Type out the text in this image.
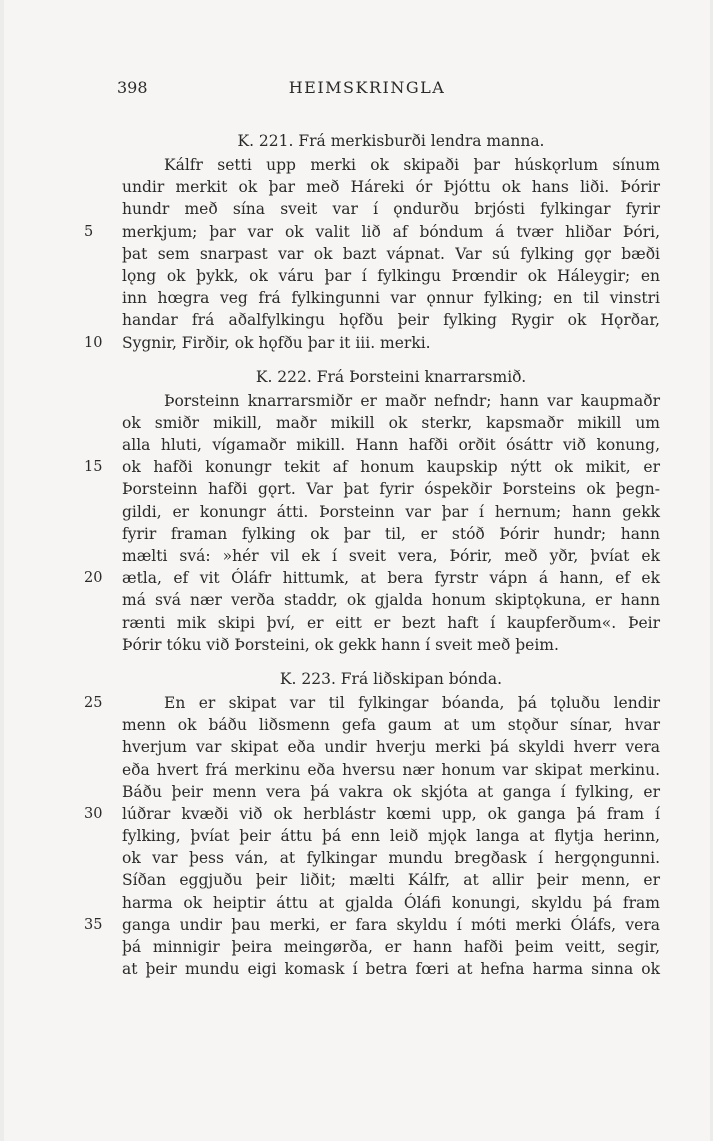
398	HEIMSKRINGLA
K. 221. Frá merkisburði lendra manna.
Kálfr setti upp merki ok skipaði þar húskǫrlum sínum
undir merkit ok þar með Háreki ór Þjóttu ok hans liði. Þórir
hundr með sína sveit var í ǫndurðu brjósti fylkingar fyrir
5	merkjum; þar var ok valit lið af bóndum á tvær hliðar Þóri,
þat sem snarpast var ok bazt vápnat. Var sú fylking gǫr bæði
lǫng ok þykk, ok váru þar í fylkingu Þrœndir ok Háleygir; en
inn hœgra veg frá fylkingunni var ǫnnur fylking; en til vinstri
handar frá aðalfylkingu hǫfðu þeir fylking Rygir ok Hǫrðar,
10	Sygnir, Firðir, ok hǫfðu þar it iii. merki.
K. 222. Frá Þorsteini knarrarsmið.
Þorsteinn knarrarsmiðr er maðr nefndr; hann var kaupmaðr
ok smiðr mikill, maðr mikill ok sterkr, kapsmaðr mikill um
alla hluti, vígamaðr mikill. Hann hafði orðit ósáttr við konung,
15	ok hafði konungr tekit af honum kaupskip nýtt ok mikit, er
Þorsteinn hafði gǫrt. Var þat fyrir óspekðir Þorsteins ok þegn-
gildi, er konungr átti. Þorsteinn var þar í hernum; hann gekk
fyrir framan fylking ok þar til, er stóð Þórir hundr; hann
mælti svá: »hér vil ek í sveit vera, Þórir, með yðr, þvíat ek
20	ætla, ef vit Óláfr hittumk, at bera fyrstr vápn á hann, ef ek
má svá nær verða staddr, ok gjalda honum skiptǫkuna, er hann
rænti mik skipi því, er eitt er bezt haft í kaupferðum«. Þeir
Þórir tóku við Þorsteini, ok gekk hann í sveit með þeim.
K. 223. Frá liðskipan bónda.
25	En er skipat var til fylkingar bóanda, þá tǫluðu lendir
menn ok báðu liðsmenn gefa gaum at um stǫður sínar, hvar
hverjum var skipat eða undir hverju merki þá skyldi hverr vera
eða hvert frá merkinu eða hversu nær honum var skipat merkinu.
Báðu þeir menn vera þá vakra ok skjóta at ganga í fylking, er
30	lúðrar kvæði við ok herblástr kœmi upp, ok ganga þá fram í
fylking, þvíat þeir áttu þá enn leið mjǫk langa at flytja herinn,
ok var þess ván, at fylkingar mundu bregðask í hergǫngunni.
Síðan eggjuðu þeir liðit; mælti Kálfr, at allir þeir menn, er
harma ok heiptir áttu at gjalda Óláfi konungi, skyldu þá fram
35	ganga undir þau merki, er fara skyldu í móti merki Óláfs, vera
þá minnigir þeira meingørða, er hann hafði þeim veitt, segir,
at þeir mundu eigi komask í betra fœri at hefna harma sinna ok
